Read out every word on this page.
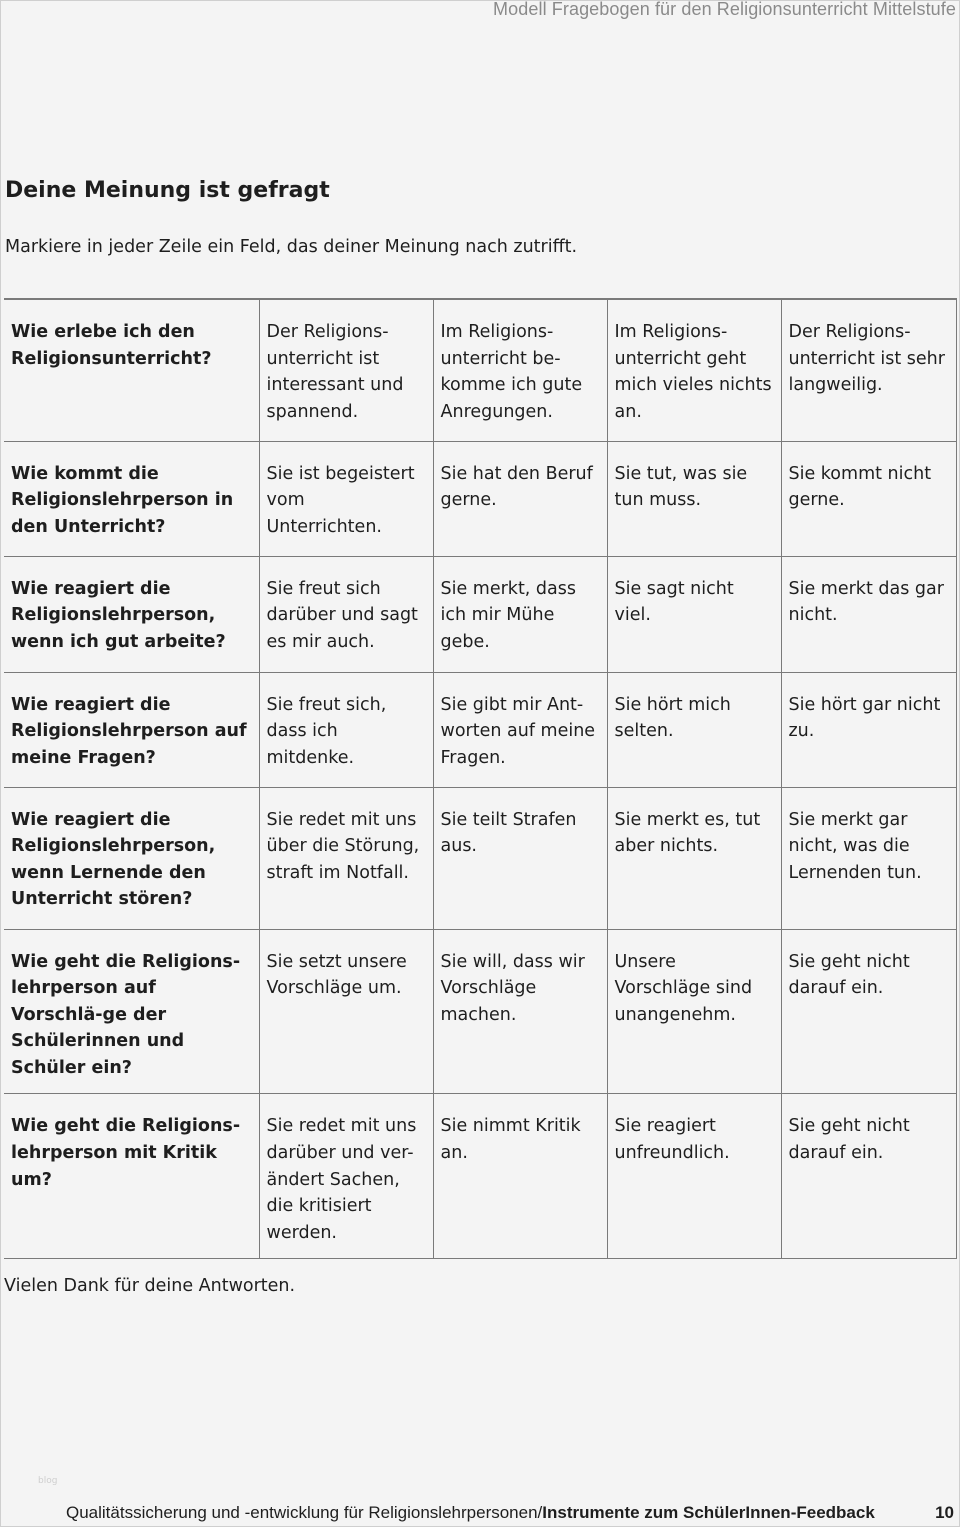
Modell Fragebogen für den Religionsunterricht Mittelstufe
Deine Meinung ist gefragt
Markiere in jeder Zeile ein Feld, das deiner Meinung nach zutrifft.
Wie erlebe ich den Religionsunterricht?	Der Religions-unterricht ist interessant und spannend.	Im Religions-unterricht be-komme ich gute Anregungen.	Im Religions-unterricht geht mich vieles nichts an.	Der Religions-unterricht ist sehr langweilig.
Wie kommt die Religionslehrperson in den Unterricht?	Sie ist begeistert vom Unterrichten.	Sie hat den Beruf gerne.	Sie tut, was sie tun muss.	Sie kommt nicht gerne.
Wie reagiert die Religionslehrperson, wenn ich gut arbeite?	Sie freut sich darüber und sagt es mir auch.	Sie merkt, dass ich mir Mühe gebe.	Sie sagt nicht viel.	Sie merkt das gar nicht.
Wie reagiert die Religionslehrperson auf meine Fragen?	Sie freut sich, dass ich mitdenke.	Sie gibt mir Ant-worten auf meine Fragen.	Sie hört mich selten.	Sie hört gar nicht zu.
Wie reagiert die Religionslehrperson, wenn Lernende den Unterricht stören?	Sie redet mit uns über die Störung, straft im Notfall.	Sie teilt Strafen aus.	Sie merkt es, tut aber nichts.	Sie merkt gar nicht, was die Lernenden tun.
Wie geht die Religions-lehrperson auf Vorschlä-ge der Schülerinnen und Schüler ein?	Sie setzt unsere Vorschläge um.	Sie will, dass wir Vorschläge machen.	Unsere Vorschläge sind unangenehm.	Sie geht nicht darauf ein.
Wie geht die Religions-lehrperson mit Kritik um?	Sie redet mit uns darüber und ver-ändert Sachen, die kritisiert werden.	Sie nimmt Kritik an.	Sie reagiert unfreundlich.	Sie geht nicht darauf ein.
Vielen Dank für deine Antworten.
blog
Qualitätssicherung und -entwicklung für Religionslehrpersonen/Instrumente zum SchülerInnen-Feedback	10
